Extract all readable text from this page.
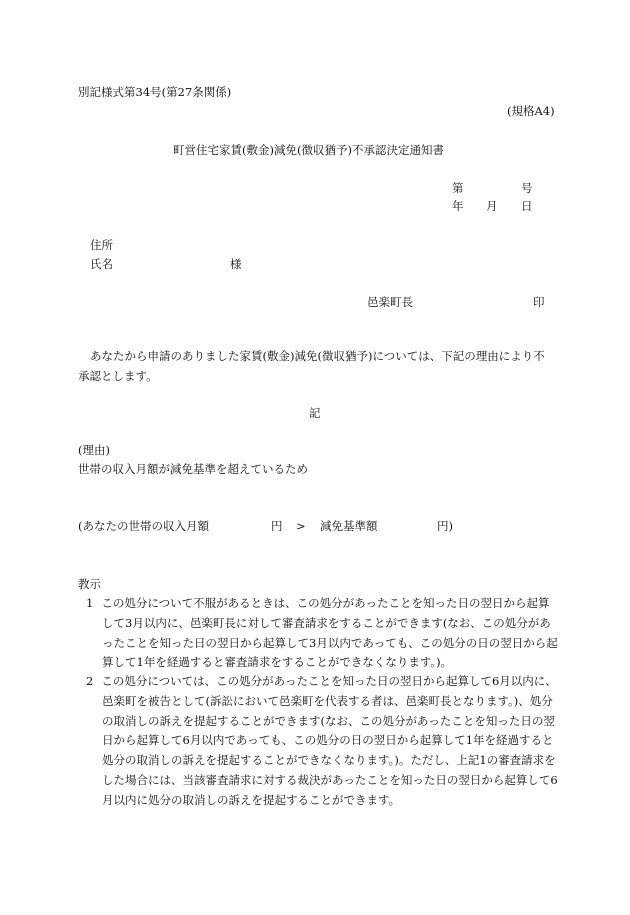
別記様式第34号(第27条関係)
(規格A4)
町営住宅家賃(敷金)減免(徴収猶予)不承認決定通知書
第	号
年 月 日
住所
氏名	様
邑楽町長	印
あなたから申請のありました家賃(敷金)減免(徴収猶予)については、下記の理由により不承認とします。
記
(理由)
世帯の収入月額が減免基準を超えているため
(あなたの世帯の収入月額	円 > 減免基準額	円)
教示
1 この処分について不服があるときは、この処分があったことを知った日の翌日から起算して3月以内に、邑楽町長に対して審査請求をすることができます(なお、この処分があったことを知った日の翌日から起算して3月以内であっても、この処分の日の翌日から起算して1年を経過すると審査請求をすることができなくなります。)。
2 この処分については、この処分があったことを知った日の翌日から起算して6月以内に、邑楽町を被告として(訴訟において邑楽町を代表する者は、邑楽町長となります。)、処分の取消しの訴えを提起することができます(なお、この処分があったことを知った日の翌日から起算して6月以内であっても、この処分の日の翌日から起算して1年を経過すると処分の取消しの訴えを提起することができなくなります。)。ただし、上記1の審査請求をした場合には、当該審査請求に対する裁決があったことを知った日の翌日から起算して6月以内に処分の取消しの訴えを提起することができます。
